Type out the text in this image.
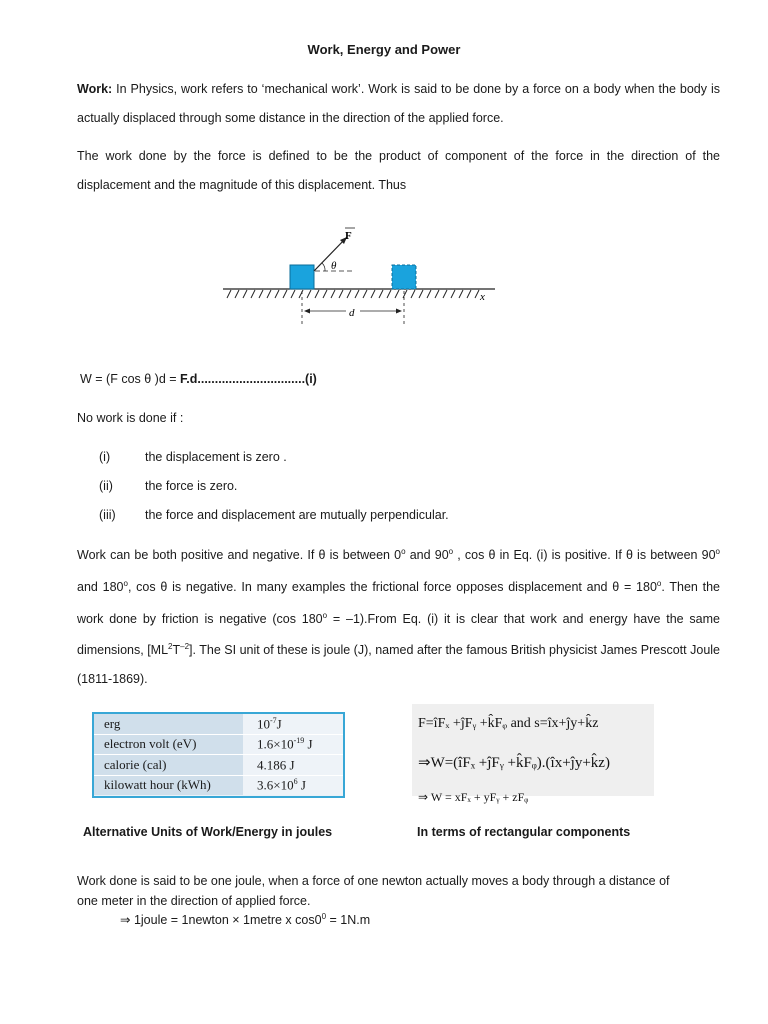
Work, Energy and Power

Work: In Physics, work refers to ‘mechanical work’. Work is said to be done by a force on a body when the body is actually displaced through some distance in the direction of the applied force.

The work done by the force is defined to be the product of component of the force in the direction of the displacement and the magnitude of this displacement. Thus

F
θ
d
x
W = (F cos θ )d = F.d...............................(i)
No work is done if :
(i)	the displacement is zero .
(ii)	the force is zero.
(iii) the force and displacement are mutually perpendicular.

Work can be both positive and negative. If θ is between 0$^o$ and 90$^o$ , cos θ in Eq. (i) is positive. If θ is between 90$^o$ and 180$^o$, cos θ is negative. In many examples the frictional force opposes displacement and $\theta = 180^o$. Then the work done by friction is negative (cos $180^o$ = –1).From Eq. (i) it is clear that work and energy have the same dimensions, $[ML^2T^{-2}]$. The SI unit of these is joule (J), named after the famous British physicist James Prescott Joule (1811-1869).

erg	$10^{-7}J$
electron volt (eV)	$1.6\times 10^{-19}$ J
calorie (cal)	4.186 J
kilowatt hour (kWh)	$3.6\times 10^6$ J
F=îFₓ +ĵFᵧ +k̂Fᵩ and s=îx+ĵy+k̂z
⇒W=(îFₓ +ĵFᵧ +k̂Fᵩ).(îx+ĵy+k̂z)
⇒ W = xFₓ + yFᵧ + zFᵩ
Alternative Units of Work/Energy in joules	In terms of rectangular components

Work done is said to be one joule, when a force of one newton actually moves a body through a distance of one meter in the direction of applied force.

⇒ 1joule = 1newton × 1metre x $\cos 0^0 = 1N.m$
